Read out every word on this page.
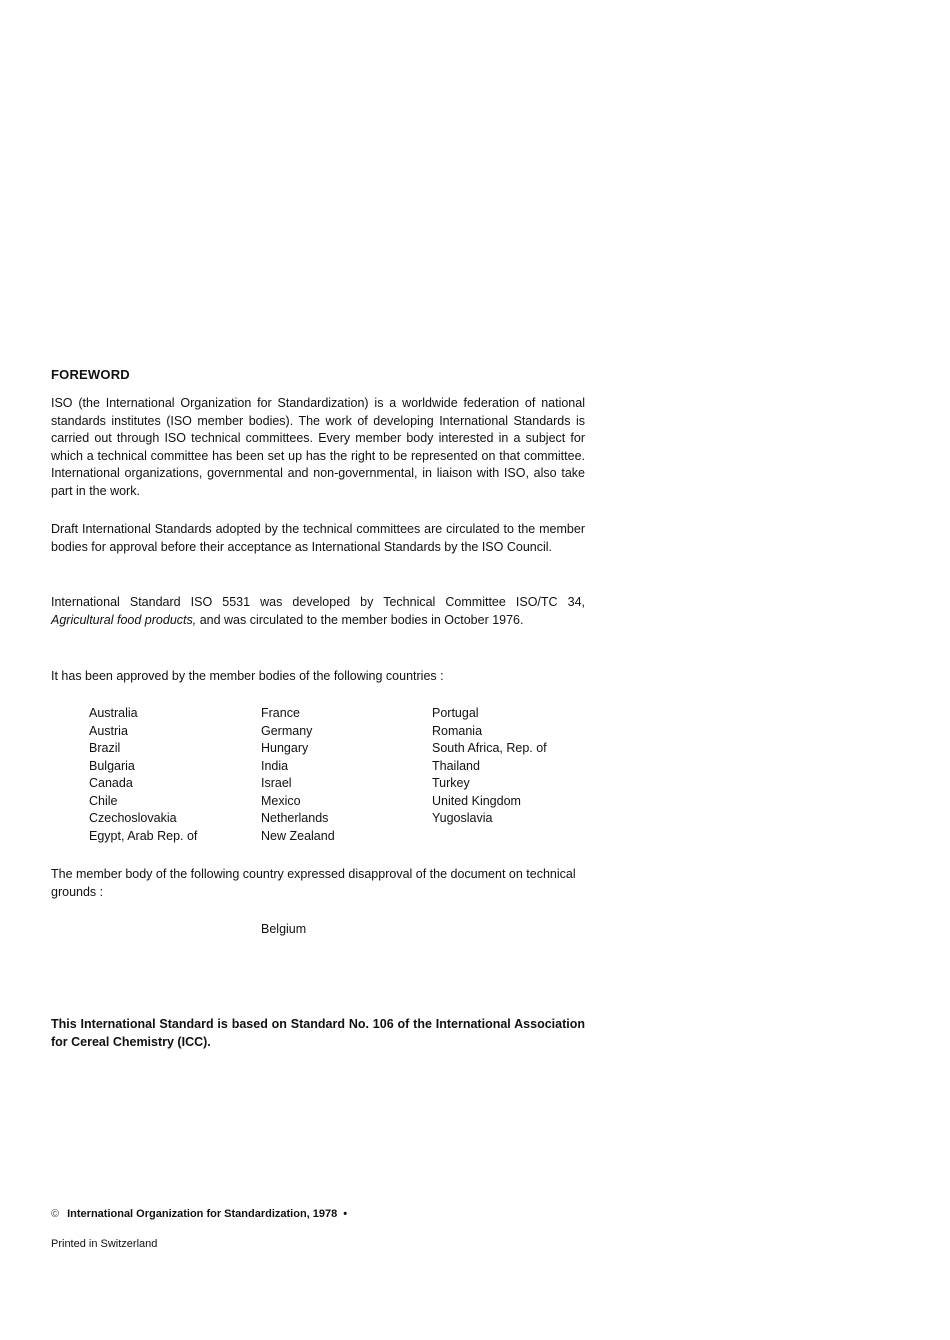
FOREWORD

ISO (the International Organization for Standardization) is a worldwide federation of national standards institutes (ISO member bodies). The work of developing International Standards is carried out through ISO technical committees. Every member body interested in a subject for which a technical committee has been set up has the right to be represented on that committee. International organizations, governmental and non-governmental, in liaison with ISO, also take part in the work.

Draft International Standards adopted by the technical committees are circulated to the member bodies for approval before their acceptance as International Standards by the ISO Council.

International Standard ISO 5531 was developed by Technical Committee ISO/TC 34, Agricultural food products, and was circulated to the member bodies in October 1976.

It has been approved by the member bodies of the following countries :

Australia
Austria
Brazil
Bulgaria
Canada
Chile
Czechoslovakia
Egypt, Arab Rep. of
France
Germany
Hungary
India
Israel
Mexico
Netherlands
New Zealand
Portugal
Romania
South Africa, Rep. of
Thailand
Turkey
United Kingdom
Yugoslavia

The member body of the following country expressed disapproval of the document on technical grounds :

Belgium

This International Standard is based on Standard No. 106 of the International Association for Cereal Chemistry (ICC).

© International Organization for Standardization, 1978 •
Printed in Switzerland
